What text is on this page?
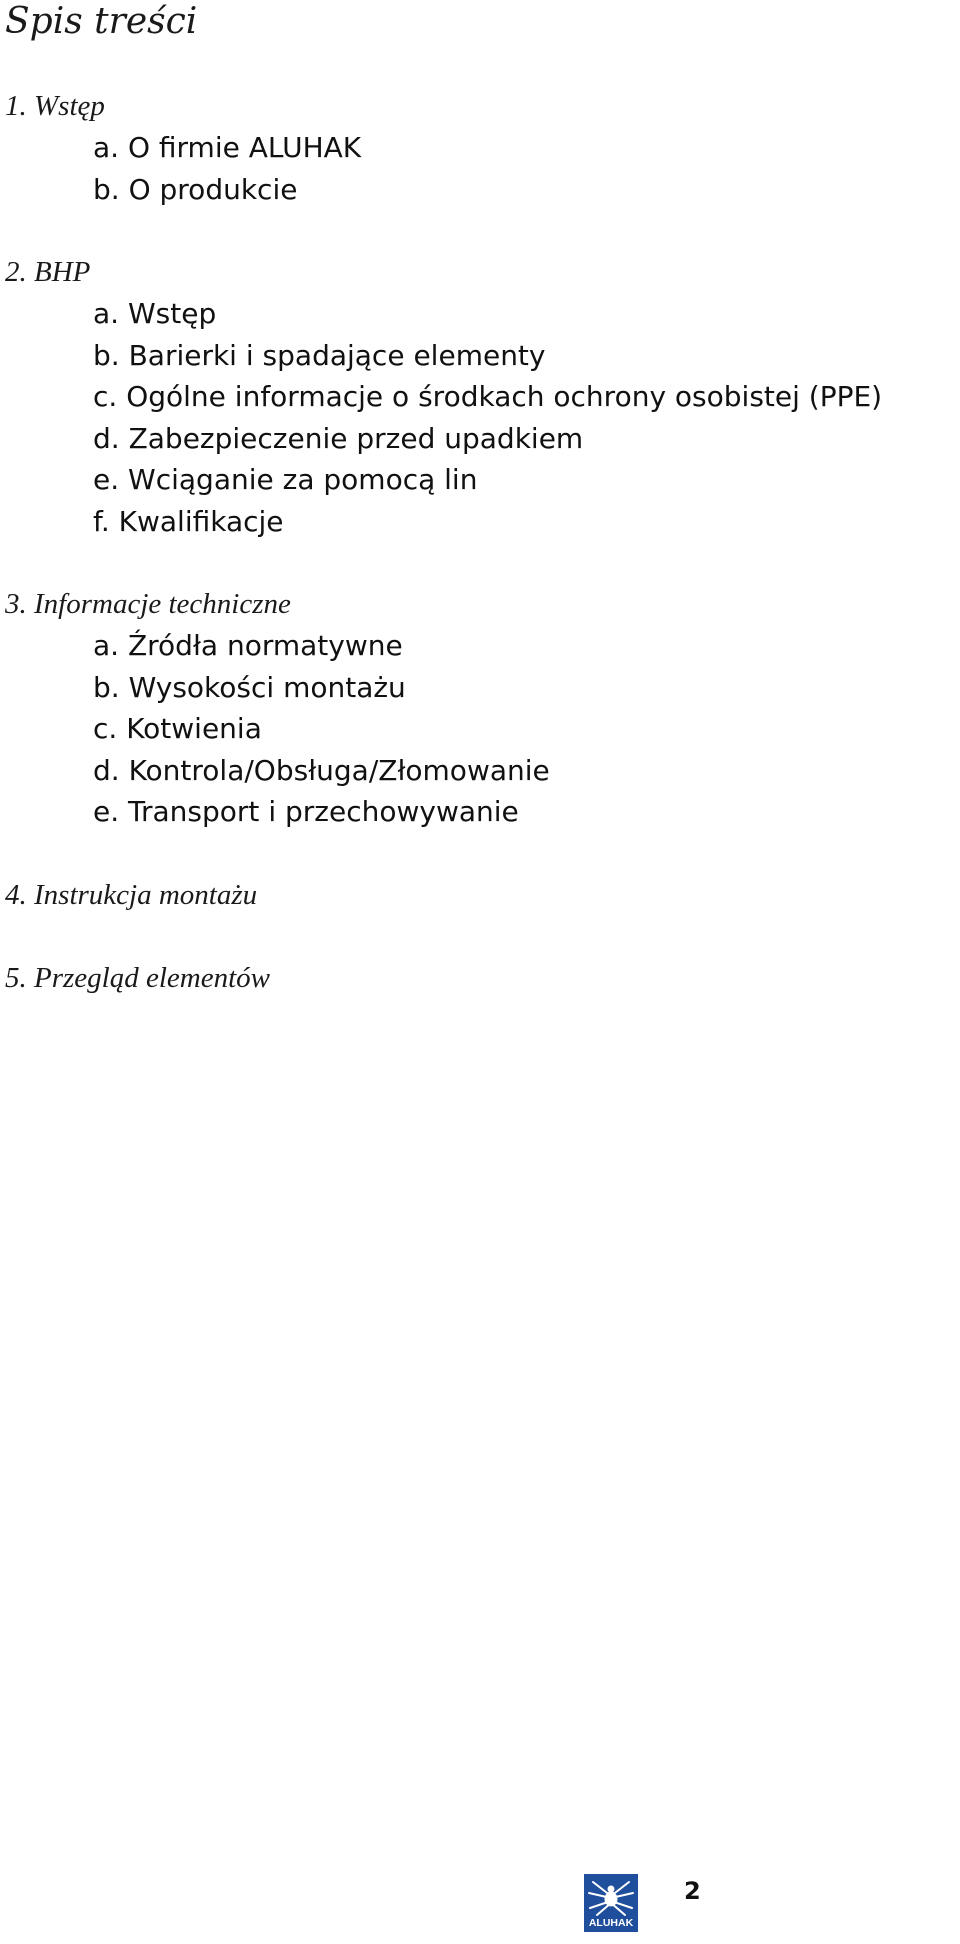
Spis treści
1. Wstęp
a. O firmie ALUHAK
b. O produkcie
2. BHP
a. Wstęp
b. Barierki i spadające elementy
c. Ogólne informacje o środkach ochrony osobistej (PPE)
d. Zabezpieczenie przed upadkiem
e. Wciąganie za pomocą lin
f. Kwalifikacje
3. Informacje techniczne
a. Źródła normatywne
b. Wysokości montażu
c. Kotwienia
d. Kontrola/Obsługa/Złomowanie
e. Transport i przechowywanie
4. Instrukcja montażu
5. Przegląd elementów
ALUHAK
2
